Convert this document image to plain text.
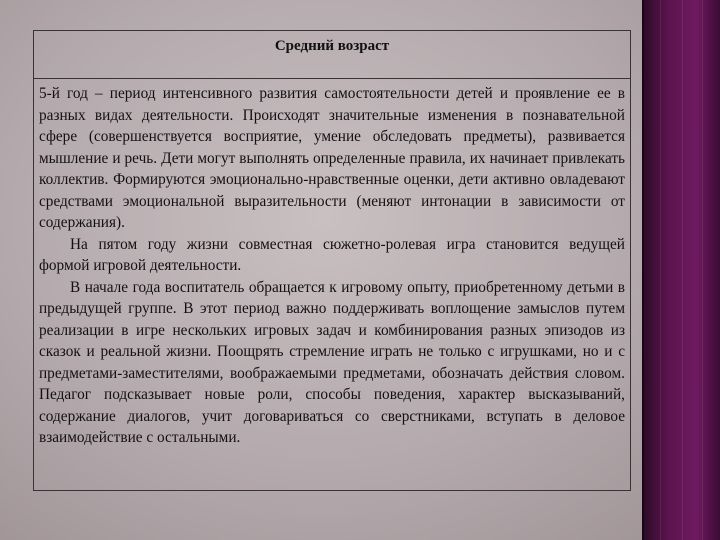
Средний возраст

5-й год – период интенсивного развития самостоятельности детей и проявление ее в разных видах деятельности. Происходят значительные изменения в познавательной сфере (совершенствуется восприятие, умение обследовать предметы), развивается мышление и речь. Дети могут выполнять определенные правила, их начинает привлекать коллектив. Формируются эмоционально-нравственные оценки, дети активно овладевают средствами эмоциональной выразительности (меняют интонации в зависимости от содержания).

На пятом году жизни совместная сюжетно-ролевая игра становится ведущей формой игровой деятельности.

В начале года воспитатель обращается к игровому опыту, приобретенному детьми в предыдущей группе. В этот период важно поддерживать воплощение замыслов путем реализации в игре нескольких игровых задач и комбинирования разных эпизодов из сказок и реальной жизни. Поощрять стремление играть не только с игрушками, но и с предметами-заместителями, воображаемыми предметами, обозначать действия словом. Педагог подсказывает новые роли, способы поведения, характер высказываний, содержание диалогов, учит договариваться со сверстниками, вступать в деловое взаимодействие с остальными.
